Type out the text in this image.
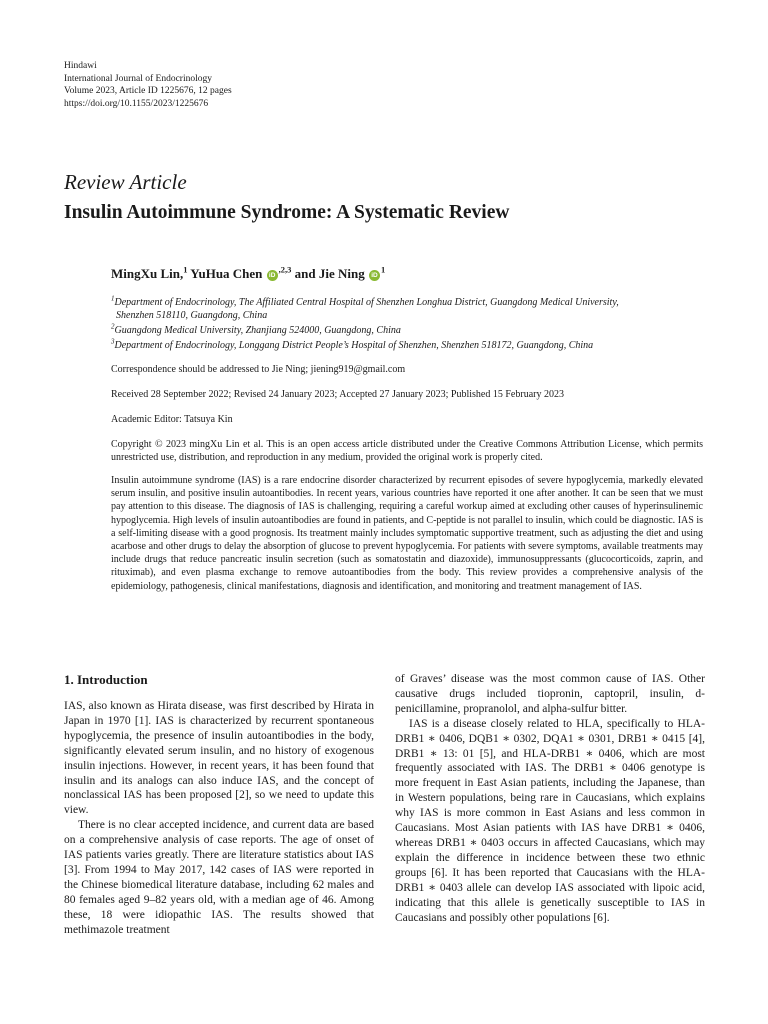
Hindawi
International Journal of Endocrinology
Volume 2023, Article ID 1225676, 12 pages
https://doi.org/10.1155/2023/1225676
Review Article
Insulin Autoimmune Syndrome: A Systematic Review
MingXu Lin,$^1$ YuHua Chen $iD^{,2,3}$ and Jie Ning $iD^1$
$^1$Department of Endocrinology, The Affiliated Central Hospital of Shenzhen Longhua District, Guangdong Medical University,
Shenzhen 518110, Guangdong, China
$^2$Guangdong Medical University, Zhanjiang 524000, Guangdong, China
$^3$Department of Endocrinology, Longgang District People’s Hospital of Shenzhen, Shenzhen 518172, Guangdong, China
Correspondence should be addressed to Jie Ning; jiening919@gmail.com
Received 28 September 2022; Revised 24 January 2023; Accepted 27 January 2023; Published 15 February 2023
Academic Editor: Tatsuya Kin
Copyright © 2023 mingXu Lin et al. This is an open access article distributed under the Creative Commons Attribution License, which permits unrestricted use, distribution, and reproduction in any medium, provided the original work is properly cited.
Insulin autoimmune syndrome (IAS) is a rare endocrine disorder characterized by recurrent episodes of severe hypoglycemia, markedly elevated serum insulin, and positive insulin autoantibodies. In recent years, various countries have reported it one after another. It can be seen that we must pay attention to this disease. The diagnosis of IAS is challenging, requiring a careful workup aimed at excluding other causes of hyperinsulinemic hypoglycemia. High levels of insulin autoantibodies are found in patients, and C-peptide is not parallel to insulin, which could be diagnostic. IAS is a self-limiting disease with a good prognosis. Its treatment mainly includes symptomatic supportive treatment, such as adjusting the diet and using acarbose and other drugs to delay the absorption of glucose to prevent hypoglycemia. For patients with severe symptoms, available treatments may include drugs that reduce pancreatic insulin secretion (such as somatostatin and diazoxide), immunosuppressants (glucocorticoids, zaprin, and rituximab), and even plasma exchange to remove autoantibodies from the body. This review provides a comprehensive analysis of the epidemiology, pathogenesis, clinical manifestations, diagnosis and identification, and monitoring and treatment management of IAS.
1. Introduction

IAS, also known as Hirata disease, was first described by Hirata in Japan in 1970 [1]. IAS is characterized by recurrent spontaneous hypoglycemia, the presence of insulin autoantibodies in the body, significantly elevated serum insulin, and no history of exogenous insulin injections. However, in recent years, it has been found that insulin and its analogs can also induce IAS, and the concept of nonclassical IAS has been proposed [2], so we need to update this view.

There is no clear accepted incidence, and current data are based on a comprehensive analysis of case reports. The age of onset of IAS patients varies greatly. There are literature statistics about IAS [3]. From 1994 to May 2017, 142 cases of IAS were reported in the Chinese biomedical literature database, including 62 males and 80 females aged 9–82 years old, with a median age of 46. Among these, 18 were idiopathic IAS. The results showed that methimazole treatment

of Graves’ disease was the most common cause of IAS. Other causative drugs included tiopronin, captopril, insulin, d-penicillamine, propranolol, and alpha-sulfur bitter.

IAS is a disease closely related to HLA, specifically to HLA-DRB1 ∗ 0406, DQB1 ∗ 0302, DQA1 ∗ 0301, DRB1 ∗ 0415 [4], DRB1 ∗ 13: 01 [5], and HLA-DRB1 ∗ 0406, which are most frequently associated with IAS. The DRB1 ∗ 0406 genotype is more frequent in East Asian patients, including the Japanese, than in Western populations, being rare in Caucasians, which explains why IAS is more common in East Asians and less common in Caucasians. Most Asian patients with IAS have DRB1 ∗ 0406, whereas DRB1 ∗ 0403 occurs in affected Caucasians, which may explain the difference in incidence between these two ethnic groups [6]. It has been reported that Caucasians with the HLA-DRB1 ∗ 0403 allele can develop IAS associated with lipoic acid, indicating that this allele is genetically susceptible to IAS in Caucasians and possibly other populations [6].
